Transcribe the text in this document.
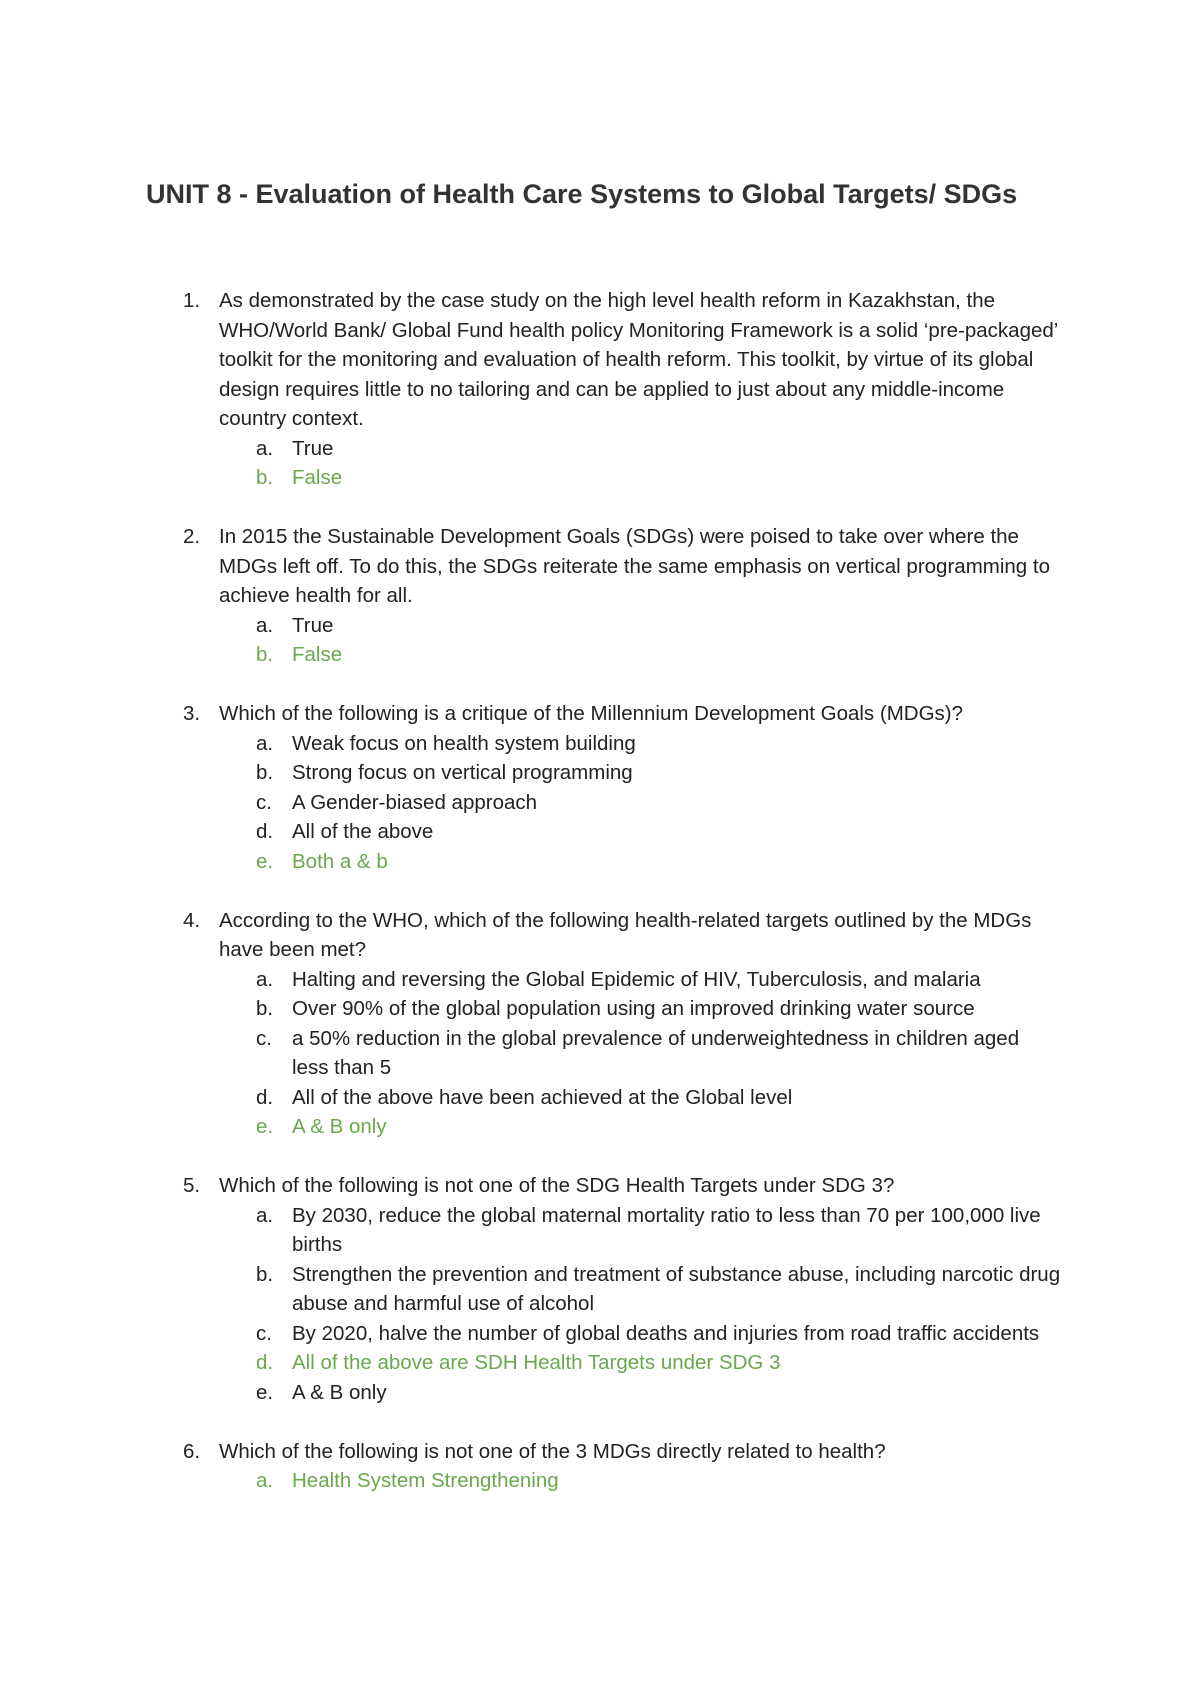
UNIT 8 - Evaluation of Health Care Systems to Global Targets/ SDGs
1. As demonstrated by the case study on the high level health reform in Kazakhstan, the WHO/World Bank/ Global Fund health policy Monitoring Framework is a solid ‘pre-packaged’ toolkit for the monitoring and evaluation of health reform. This toolkit, by virtue of its global design requires little to no tailoring and can be applied to just about any middle-income country context.
a. True
b. False
2. In 2015 the Sustainable Development Goals (SDGs) were poised to take over where the MDGs left off. To do this, the SDGs reiterate the same emphasis on vertical programming to achieve health for all.
a. True
b. False
3. Which of the following is a critique of the Millennium Development Goals (MDGs)?
a. Weak focus on health system building
b. Strong focus on vertical programming
c. A Gender-biased approach
d. All of the above
e. Both a & b
4. According to the WHO, which of the following health-related targets outlined by the MDGs have been met?
a. Halting and reversing the Global Epidemic of HIV, Tuberculosis, and malaria
b. Over 90% of the global population using an improved drinking water source
c. a 50% reduction in the global prevalence of underweightedness in children aged less than 5
d. All of the above have been achieved at the Global level
e. A & B only
5. Which of the following is not one of the SDG Health Targets under SDG 3?
a. By 2030, reduce the global maternal mortality ratio to less than 70 per 100,000 live births
b. Strengthen the prevention and treatment of substance abuse, including narcotic drug abuse and harmful use of alcohol
c. By 2020, halve the number of global deaths and injuries from road traffic accidents
d. All of the above are SDH Health Targets under SDG 3
e. A & B only
6. Which of the following is not one of the 3 MDGs directly related to health?
a. Health System Strengthening
